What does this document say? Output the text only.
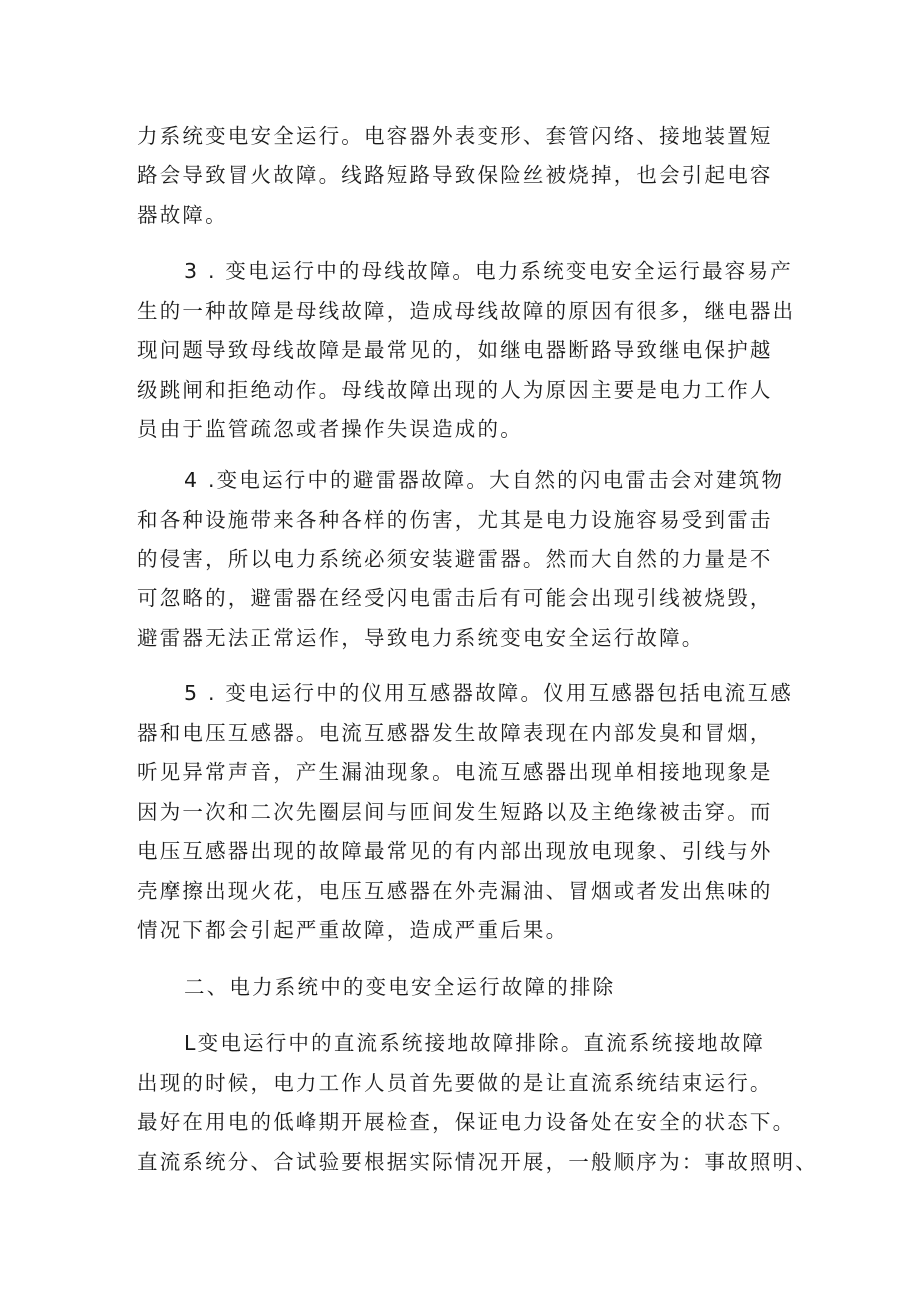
力系统变电安全运行。电容器外表变形、套管闪络、接地装置短
路会导致冒火故障。线路短路导致保险丝被烧掉，也会引起电容
器故障。
3 . 变电运行中的母线故障。电力系统变电安全运行最容易产
生的一种故障是母线故障，造成母线故障的原因有很多，继电器出
现问题导致母线故障是最常见的，如继电器断路导致继电保护越
级跳闸和拒绝动作。母线故障出现的人为原因主要是电力工作人
员由于监管疏忽或者操作失误造成的。
4 .变电运行中的避雷器故障。大自然的闪电雷击会对建筑物
和各种设施带来各种各样的伤害，尤其是电力设施容易受到雷击
的侵害，所以电力系统必须安装避雷器。然而大自然的力量是不
可忽略的，避雷器在经受闪电雷击后有可能会出现引线被烧毁，
避雷器无法正常运作，导致电力系统变电安全运行故障。
5 . 变电运行中的仪用互感器故障。仪用互感器包括电流互感
器和电压互感器。电流互感器发生故障表现在内部发臭和冒烟，
听见异常声音，产生漏油现象。电流互感器出现单相接地现象是
因为一次和二次先圈层间与匝间发生短路以及主绝缘被击穿。而
电压互感器出现的故障最常见的有内部出现放电现象、引线与外
壳摩擦出现火花，电压互感器在外壳漏油、冒烟或者发出焦味的
情况下都会引起严重故障，造成严重后果。
二、电力系统中的变电安全运行故障的排除
L变电运行中的直流系统接地故障排除。直流系统接地故障
出现的时候，电力工作人员首先要做的是让直流系统结束运行。
最好在用电的低峰期开展检查，保证电力设备处在安全的状态下。
直流系统分、合试验要根据实际情况开展，一般顺序为：事故照明、
